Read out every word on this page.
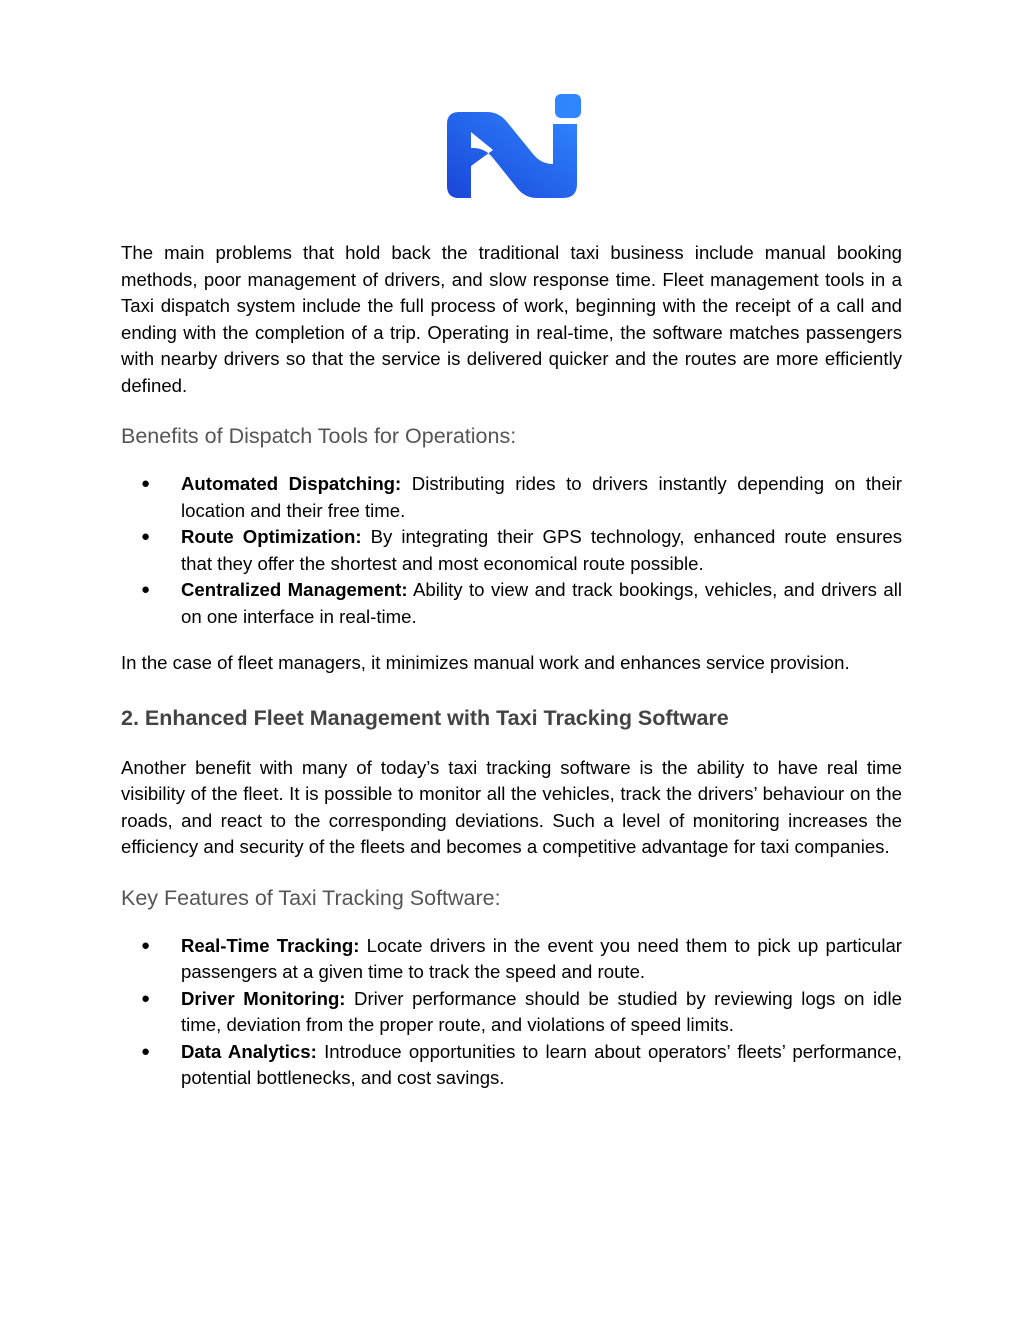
The main problems that hold back the traditional taxi business include manual booking methods, poor management of drivers, and slow response time. Fleet management tools in a Taxi dispatch system include the full process of work, beginning with the receipt of a call and ending with the completion of a trip. Operating in real-time, the software matches passengers with nearby drivers so that the service is delivered quicker and the routes are more efficiently defined.

Benefits of Dispatch Tools for Operations:
● Automated Dispatching: Distributing rides to drivers instantly depending on their location and their free time.
● Route Optimization: By integrating their GPS technology, enhanced route ensures that they offer the shortest and most economical route possible.
● Centralized Management: Ability to view and track bookings, vehicles, and drivers all on one interface in real-time.

In the case of fleet managers, it minimizes manual work and enhances service provision.

2. Enhanced Fleet Management with Taxi Tracking Software

Another benefit with many of today’s taxi tracking software is the ability to have real time visibility of the fleet. It is possible to monitor all the vehicles, track the drivers’ behaviour on the roads, and react to the corresponding deviations. Such a level of monitoring increases the efficiency and security of the fleets and becomes a competitive advantage for taxi companies.

Key Features of Taxi Tracking Software:
● Real-Time Tracking: Locate drivers in the event you need them to pick up particular passengers at a given time to track the speed and route.
● Driver Monitoring: Driver performance should be studied by reviewing logs on idle time, deviation from the proper route, and violations of speed limits.
● Data Analytics: Introduce opportunities to learn about operators’ fleets’ performance, potential bottlenecks, and cost savings.
